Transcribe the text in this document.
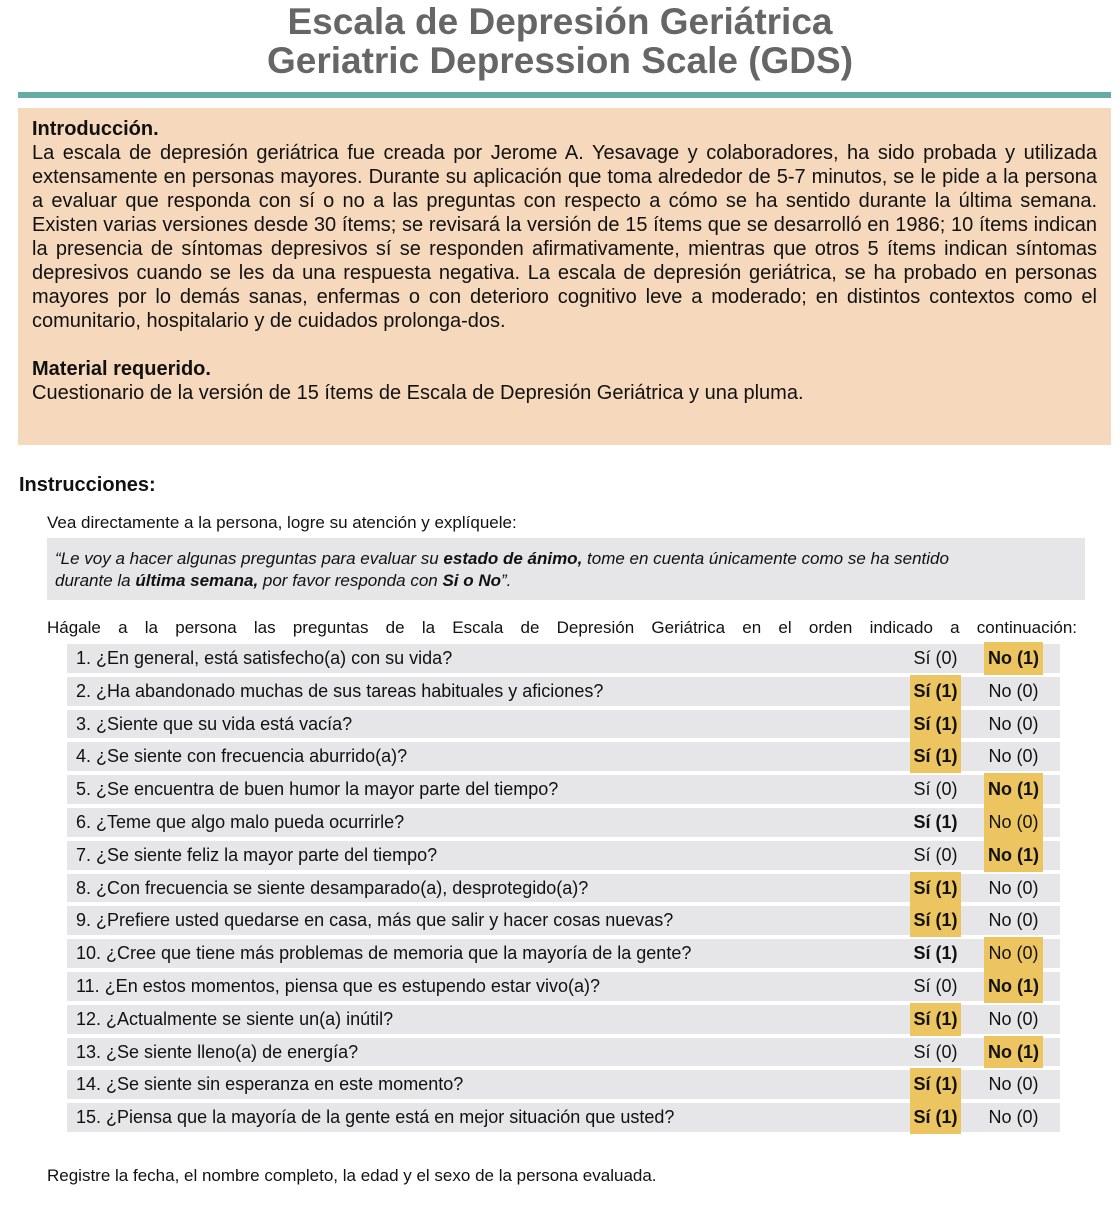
Escala de Depresión Geriátrica
Geriatric Depression Scale (GDS)
Introducción.
La escala de depresión geriátrica fue creada por Jerome A. Yesavage y colaboradores, ha sido probada y utilizada extensamente en personas mayores. Durante su aplicación que toma alrededor de 5-7 minutos, se le pide a la persona a evaluar que responda con sí o no a las preguntas con respecto a cómo se ha sentido durante la última semana. Existen varias versiones desde 30 ítems; se revisará la versión de 15 ítems que se desarrolló en 1986; 10 ítems indican la presencia de síntomas depresivos sí se responden afirmativamente, mientras que otros 5 ítems indican síntomas depresivos cuando se les da una respuesta negativa. La escala de depresión geriátrica, se ha probado en personas mayores por lo demás sanas, enfermas o con deterioro cognitivo leve a moderado; en distintos contextos como el comunitario, hospitalario y de cuidados prolonga-dos.
Material requerido.
Cuestionario de la versión de 15 ítems de Escala de Depresión Geriátrica y una pluma.
Instrucciones:
Vea directamente a la persona, logre su atención y explíquele:
“Le voy a hacer algunas preguntas para evaluar su estado de ánimo, tome en cuenta únicamente como se ha sentido
durante la última semana, por favor responda con Si o No”.
Hágale a la persona las preguntas de la Escala de Depresión Geriátrica en el orden indicado a continuación:
1. ¿En general, está satisfecho(a) con su vida?	Sí (0) No (1)
2. ¿Ha abandonado muchas de sus tareas habituales y aficiones?	Sí (1) No (0)
3. ¿Siente que su vida está vacía?	Sí (1) No (0)
4. ¿Se siente con frecuencia aburrido(a)?	Sí (1) No (0)
5. ¿Se encuentra de buen humor la mayor parte del tiempo?	Sí (0) No (1)
6. ¿Teme que algo malo pueda ocurrirle?	Sí (1) No (0)
7. ¿Se siente feliz la mayor parte del tiempo?	Sí (0) No (1)
8. ¿Con frecuencia se siente desamparado(a), desprotegido(a)?	Sí (1) No (0)
9. ¿Prefiere usted quedarse en casa, más que salir y hacer cosas nuevas?	Sí (1) No (0)
10. ¿Cree que tiene más problemas de memoria que la mayoría de la gente?	Sí (1) No (0)
11. ¿En estos momentos, piensa que es estupendo estar vivo(a)?	Sí (0) No (1)
12. ¿Actualmente se siente un(a) inútil?	Sí (1) No (0)
13. ¿Se siente lleno(a) de energía?	Sí (0) No (1)
14. ¿Se siente sin esperanza en este momento?	Sí (1) No (0)
15. ¿Piensa que la mayoría de la gente está en mejor situación que usted?	Sí (1) No (0)
Registre la fecha, el nombre completo, la edad y el sexo de la persona evaluada.
